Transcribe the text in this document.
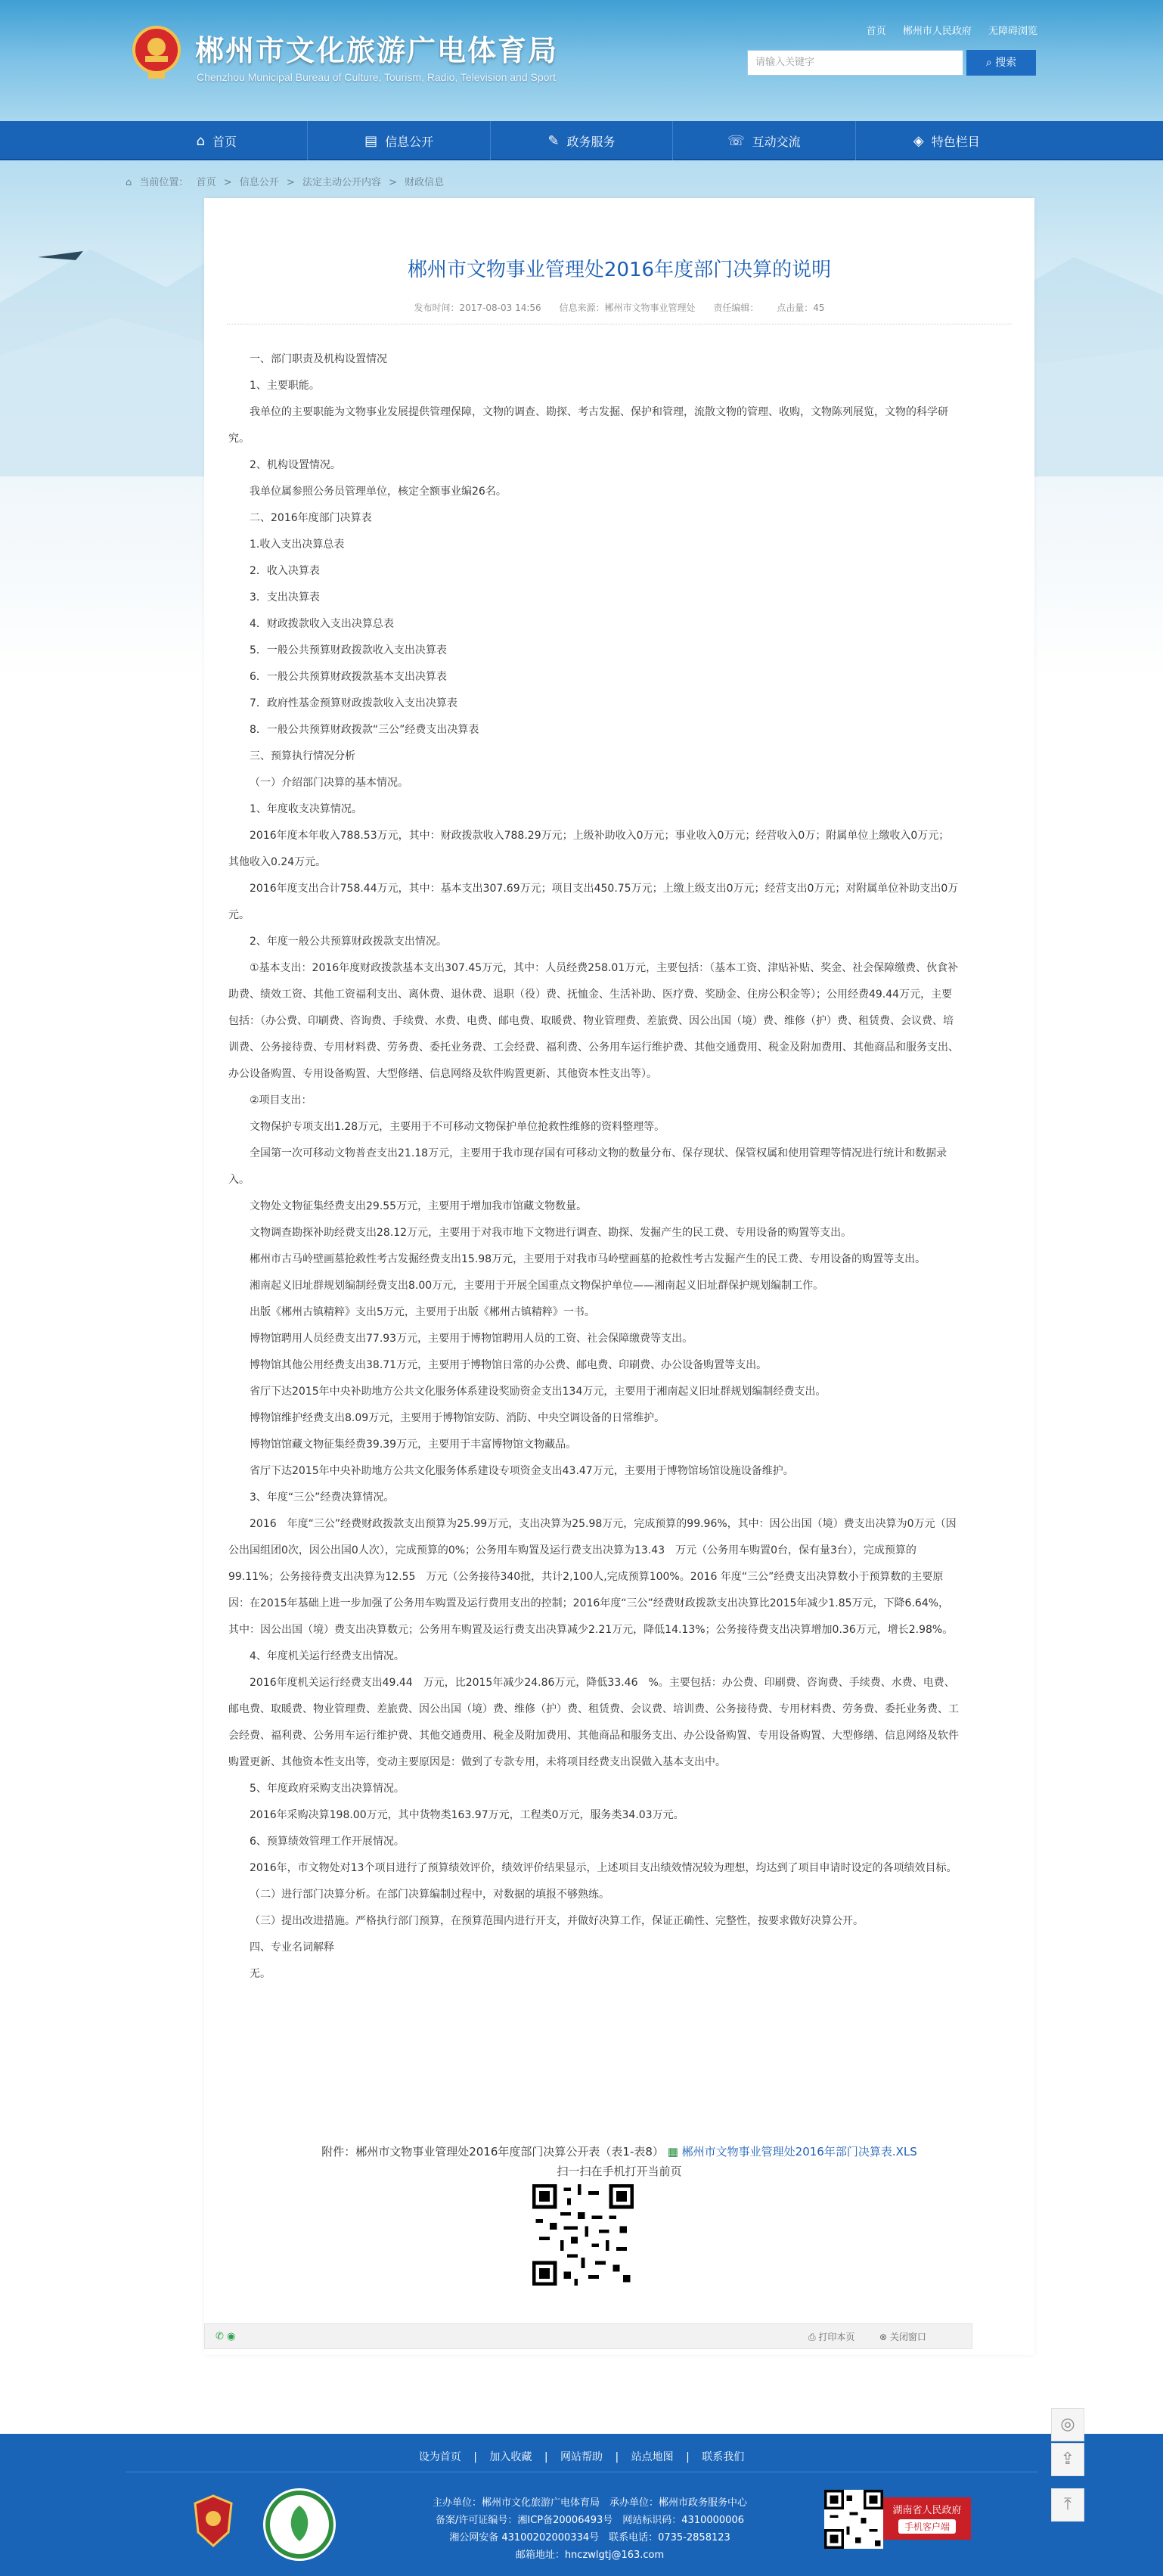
郴州市文化旅游广电体育局
Chenzhou Municipal Bureau of Culture, Tourism, Radio, Television and Sport
首页 郴州市人民政府 无障碍浏览
请输入关键字	⌕ 搜索
⌂ 首页	▤ 信息公开	✎ 政务服务	☏ 互动交流	◈ 特色栏目
⌂ 当前位置： 首页 > 信息公开 > 法定主动公开内容 > 财政信息
郴州市文物事业管理处2016年度部门决算的说明
发布时间：2017-08-03 14:56 信息来源：郴州市文物事业管理处 责任编辑： 点击量：45

一、部门职责及机构设置情况

1、主要职能。

我单位的主要职能为文物事业发展提供管理保障，文物的调查、勘探、考古发掘、保护和管理，流散文物的管理、收购，文物陈列展览，文物的科学研究。

2、机构设置情况。

我单位属参照公务员管理单位，核定全额事业编26名。

二、2016年度部门决算表

1.收入支出决算总表

2．收入决算表

3．支出决算表

4．财政拨款收入支出决算总表

5．一般公共预算财政拨款收入支出决算表

6．一般公共预算财政拨款基本支出决算表

7．政府性基金预算财政拨款收入支出决算表

8．一般公共预算财政拨款“三公”经费支出决算表

三、预算执行情况分析

（一）介绍部门决算的基本情况。

1、年度收支决算情况。

2016年度本年收入788.53万元，其中：财政拨款收入788.29万元；上级补助收入0万元；事业收入0万元；经营收入0万；附属单位上缴收入0万元；其他收入0.24万元。

2016年度支出合计758.44万元，其中：基本支出307.69万元；项目支出450.75万元；上缴上级支出0万元；经营支出0万元；对附属单位补助支出0万元。

2、年度一般公共预算财政拨款支出情况。

①基本支出：2016年度财政拨款基本支出307.45万元，其中：人员经费258.01万元，主要包括：（基本工资、津贴补贴、奖金、社会保障缴费、伙食补助费、绩效工资、其他工资福利支出、离休费、退休费、退职（役）费、抚恤金、生活补助、医疗费、奖励金、住房公积金等）；公用经费49.44万元，主要包括：（办公费、印刷费、咨询费、手续费、水费、电费、邮电费、取暖费、物业管理费、差旅费、因公出国（境）费、维修（护）费、租赁费、会议费、培训费、公务接待费、专用材料费、劳务费、委托业务费、工会经费、福利费、公务用车运行维护费、其他交通费用、税金及附加费用、其他商品和服务支出、办公设备购置、专用设备购置、大型修缮、信息网络及软件购置更新、其他资本性支出等）。

②项目支出：

文物保护专项支出1.28万元，主要用于不可移动文物保护单位抢救性维修的资料整理等。

全国第一次可移动文物普查支出21.18万元，主要用于我市现存国有可移动文物的数量分布、保存现状、保管权属和使用管理等情况进行统计和数据录入。

文物处文物征集经费支出29.55万元，主要用于增加我市馆藏文物数量。

文物调查勘探补助经费支出28.12万元，主要用于对我市地下文物进行调查、勘探、发掘产生的民工费、专用设备的购置等支出。

郴州市古马岭壁画墓抢救性考古发掘经费支出15.98万元，主要用于对我市马岭壁画墓的抢救性考古发掘产生的民工费、专用设备的购置等支出。

湘南起义旧址群规划编制经费支出8.00万元，主要用于开展全国重点文物保护单位——湘南起义旧址群保护规划编制工作。

出版《郴州古镇精粹》支出5万元，主要用于出版《郴州古镇精粹》一书。

博物馆聘用人员经费支出77.93万元，主要用于博物馆聘用人员的工资、社会保障缴费等支出。

博物馆其他公用经费支出38.71万元，主要用于博物馆日常的办公费、邮电费、印刷费、办公设备购置等支出。

省厅下达2015年中央补助地方公共文化服务体系建设奖励资金支出134万元，主要用于湘南起义旧址群规划编制经费支出。

博物馆维护经费支出8.09万元，主要用于博物馆安防、消防、中央空调设备的日常维护。

博物馆馆藏文物征集经费39.39万元，主要用于丰富博物馆文物藏品。

省厅下达2015年中央补助地方公共文化服务体系建设专项资金支出43.47万元，主要用于博物馆场馆设施设备维护。

3、年度“三公”经费决算情况。

2016　年度“三公”经费财政拨款支出预算为25.99万元，支出决算为25.98万元，完成预算的99.96%，其中：因公出国（境）费支出决算为0万元（因公出国组团0次，因公出国0人次），完成预算的0%；公务用车购置及运行费支出决算为13.43　万元（公务用车购置0台，保有量3台），完成预算的99.11%；公务接待费支出决算为12.55　万元（公务接待340批，共计2,100人,完成预算100%。2016 年度“三公”经费支出决算数小于预算数的主要原因：在2015年基础上进一步加强了公务用车购置及运行费用支出的控制；2016年度“三公”经费财政拨款支出决算比2015年减少1.85万元，下降6.64%，其中：因公出国（境）费支出决算数元；公务用车购置及运行费支出决算减少2.21万元，降低14.13%；公务接待费支出决算增加0.36万元，增长2.98%。

4、年度机关运行经费支出情况。

2016年度机关运行经费支出49.44　万元，比2015年减少24.86万元，降低33.46　%。主要包括：办公费、印刷费、咨询费、手续费、水费、电费、邮电费、取暖费、物业管理费、差旅费、因公出国（境）费、维修（护）费、租赁费、会议费、培训费、公务接待费、专用材料费、劳务费、委托业务费、工会经费、福利费、公务用车运行维护费、其他交通费用、税金及附加费用、其他商品和服务支出、办公设备购置、专用设备购置、大型修缮、信息网络及软件购置更新、其他资本性支出等，变动主要原因是：做到了专款专用，未将项目经费支出误做入基本支出中。

5、年度政府采购支出决算情况。

2016年采购决算198.00万元，其中货物类163.97万元，工程类0万元，服务类34.03万元。

6、预算绩效管理工作开展情况。

2016年，市文物处对13个项目进行了预算绩效评价，绩效评价结果显示，上述项目支出绩效情况较为理想，均达到了项目申请时设定的各项绩效目标。

（二）进行部门决算分析。在部门决算编制过程中，对数据的填报不够熟练。

（三）提出改进措施。严格执行部门预算，在预算范围内进行开支，并做好决算工作，保证正确性、完整性，按要求做好决算公开。

四、专业名词解释

无。

附件：郴州市文物事业管理处2016年度部门决算公开表（表1-表8） ▦ 郴州市文物事业管理处2016年部门决算表.XLS
扫一扫在手机打开当前页
✆ ◉	⎙ 打印本页	⊗ 关闭窗口
◎
⇪
⤒
设为首页 | 加入收藏 | 网站帮助 | 站点地图 | 联系我们
主办单位：郴州市文化旅游广电体育局　承办单位：郴州市政务服务中心
备案/许可证编号：湘ICP备20006493号　网站标识码：4310000006
湘公网安备 43100202000334号　联系电话：0735-2858123
邮箱地址：hnczwlgtj@163.com
湖南省人民政府
手机客户端
